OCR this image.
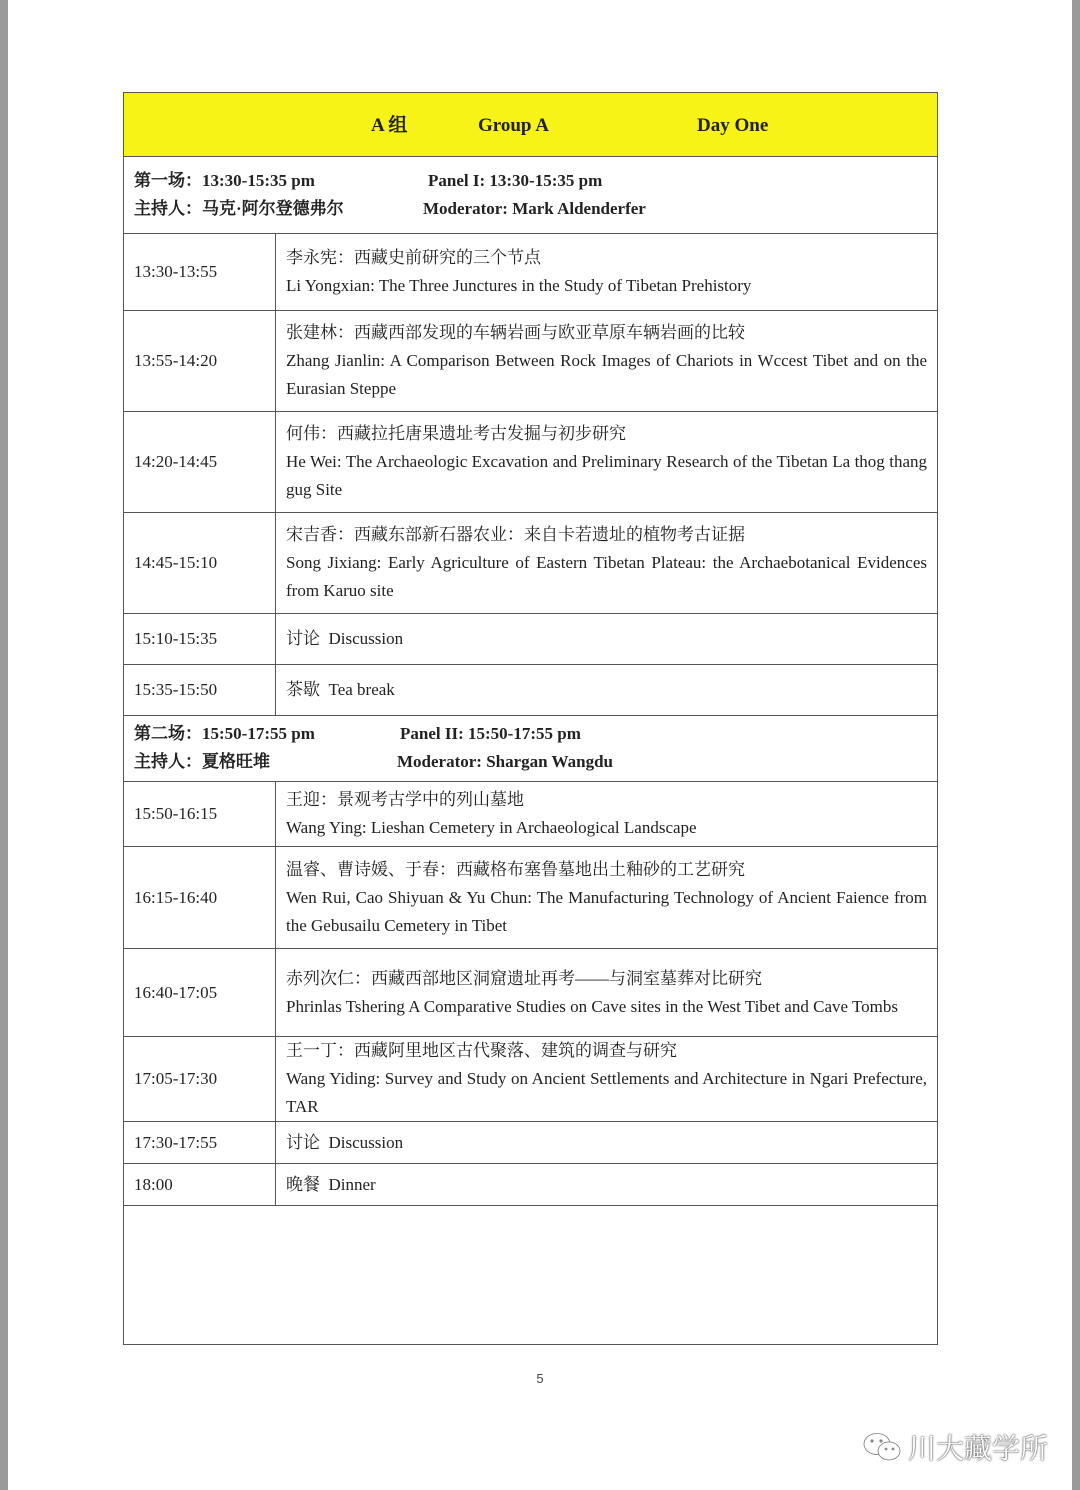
A 组 Group A Day One	

第一场：13:30-15:35 pm Panel I: 13:30-15:35 pm
主持人：马克·阿尔登德弗尔 Moderator: Mark Aldenderfer	

13:30-13:55	李永宪：西藏史前研究的三个节点
Li Yongxian: The Three Junctures in the Study of Tibetan Prehistory

13:55-14:20	张建林：西藏西部发现的车辆岩画与欧亚草原车辆岩画的比较
Zhang Jianlin: A Comparison Between Rock Images of Chariots in Wccest Tibet and on the Eurasian Steppe

14:20-14:45	何伟：西藏拉托唐果遗址考古发掘与初步研究
He Wei: The Archaeologic Excavation and Preliminary Research of the Tibetan La thog thang gug Site

14:45-15:10	宋吉香：西藏东部新石器农业：来自卡若遗址的植物考古证据
Song Jixiang: Early Agriculture of Eastern Tibetan Plateau: the Archaebotanical Evidences from Karuo site

15:10-15:35	讨论 Discussion
15:35-15:50	茶歇 Tea break

第二场：15:50-17:55 pm Panel II: 15:50-17:55 pm
主持人：夏格旺堆 Moderator: Shargan Wangdu	

15:50-16:15	王迎：景观考古学中的列山墓地
Wang Ying: Lieshan Cemetery in Archaeological Landscape

16:15-16:40	温睿、曹诗媛、于春：西藏格布塞鲁墓地出土釉砂的工艺研究
Wen Rui, Cao Shiyuan & Yu Chun: The Manufacturing Technology of Ancient Faience from the Gebusailu Cemetery in Tibet

16:40-17:05	赤列次仁：西藏西部地区洞窟遗址再考——与洞室墓葬对比研究
Phrinlas Tshering A Comparative Studies on Cave sites in the West Tibet and Cave Tombs

17:05-17:30	王一丁：西藏阿里地区古代聚落、建筑的调查与研究
Wang Yiding: Survey and Study on Ancient Settlements and Architecture in Ngari Prefecture, TAR

17:30-17:55	讨论 Discussion
18:00	晚餐 Dinner

5
川大藏学所
